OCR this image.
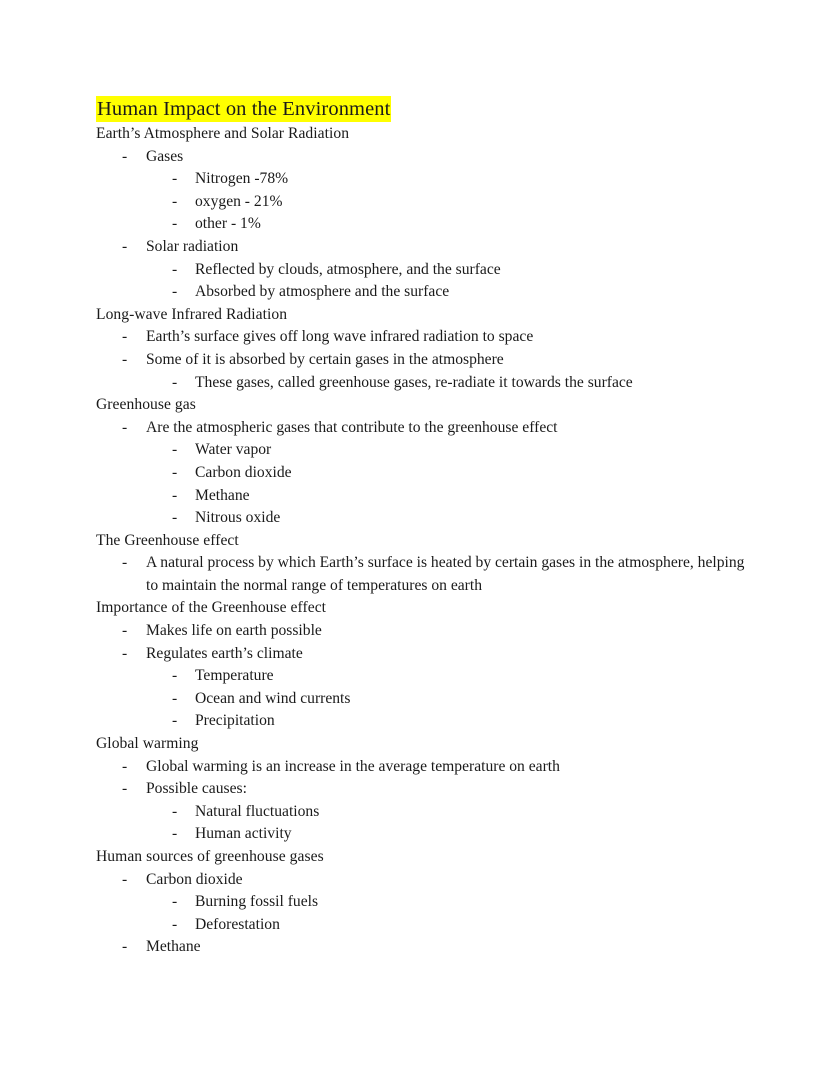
Human Impact on the Environment
Earth’s Atmosphere and Solar Radiation
-	Gases
-	Nitrogen -78%
-	oxygen - 21%
-	other - 1%
-	Solar radiation
-	Reflected by clouds, atmosphere, and the surface
-	Absorbed by atmosphere and the surface
Long-wave Infrared Radiation
-	Earth’s surface gives off long wave infrared radiation to space
-	Some of it is absorbed by certain gases in the atmosphere
-	These gases, called greenhouse gases, re-radiate it towards the surface
Greenhouse gas
-	Are the atmospheric gases that contribute to the greenhouse effect
-	Water vapor
-	Carbon dioxide
-	Methane
-	Nitrous oxide
The Greenhouse effect
-	A natural process by which Earth’s surface is heated by certain gases in the atmosphere, helping to maintain the normal range of temperatures on earth
Importance of the Greenhouse effect
-	Makes life on earth possible
-	Regulates earth’s climate
-	Temperature
-	Ocean and wind currents
-	Precipitation
Global warming
-	Global warming is an increase in the average temperature on earth
-	Possible causes:
-	Natural fluctuations
-	Human activity
Human sources of greenhouse gases
-	Carbon dioxide
-	Burning fossil fuels
-	Deforestation
-	Methane
